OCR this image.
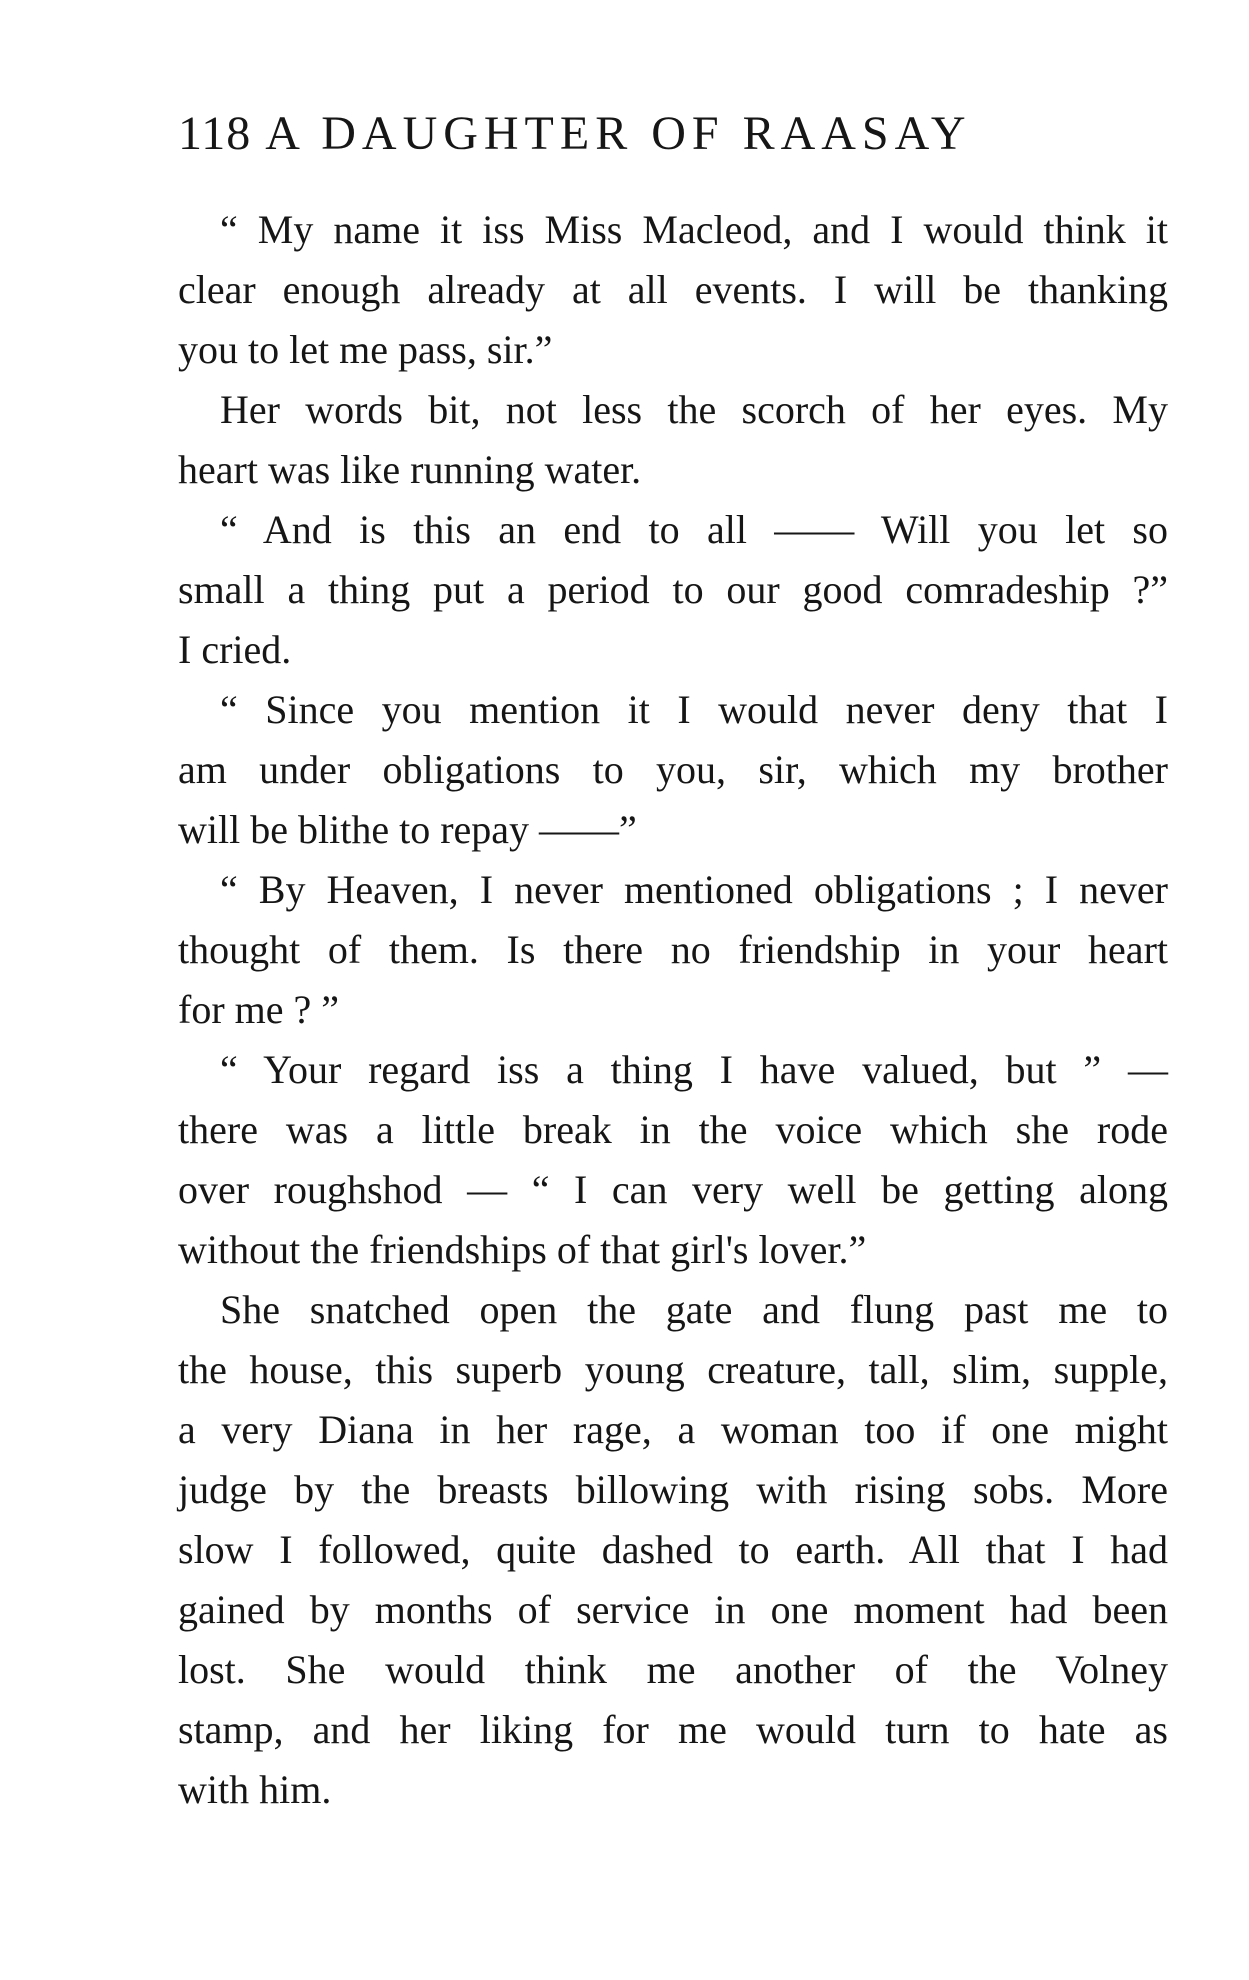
118 A DAUGHTER OF RAASAY
“ My name it iss Miss Macleod, and I would think it
clear enough already at all events. I will be thanking
you to let me pass, sir.”
Her words bit, not less the scorch of her eyes. My
heart was like running water.
“ And is this an end to all —— Will you let so
small a thing put a period to our good comradeship ?”
I cried.
“ Since you mention it I would never deny that I
am under obligations to you, sir, which my brother
will be blithe to repay ——”
“ By Heaven, I never mentioned obligations ; I never
thought of them. Is there no friendship in your heart
for me ? ”
“ Your regard iss a thing I have valued, but ” —
there was a little break in the voice which she rode
over roughshod — “ I can very well be getting along
without the friendships of that girl's lover.”
She snatched open the gate and flung past me to
the house, this superb young creature, tall, slim, supple,
a very Diana in her rage, a woman too if one might
judge by the breasts billowing with rising sobs. More
slow I followed, quite dashed to earth. All that I had
gained by months of service in one moment had been
lost. She would think me another of the Volney
stamp, and her liking for me would turn to hate as
with him.
